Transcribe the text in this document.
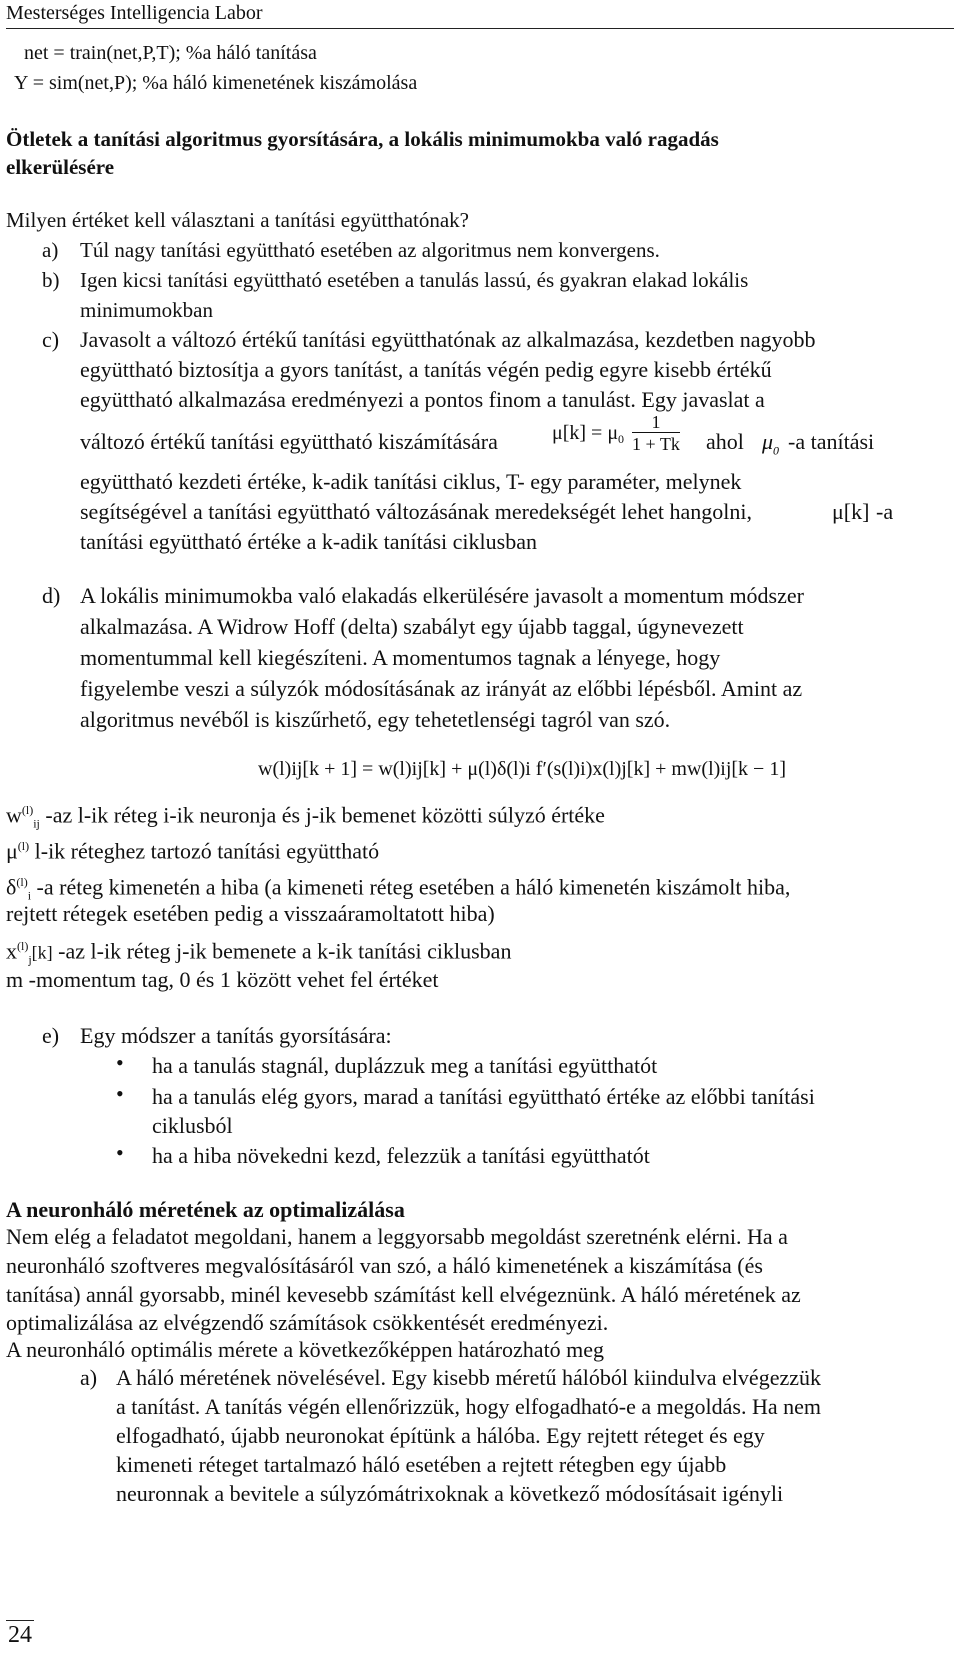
Mesterséges Intelligencia Labor
net = train(net,P,T); %a háló tanítása
Y = sim(net,P); %a háló kimenetének kiszámolása
Ötletek a tanítási algoritmus gyorsítására, a lokális minimumokba való ragadás
elkerülésére
Milyen értéket kell választani a tanítási együtthatónak?
a) Túl nagy tanítási együttható esetében az algoritmus nem konvergens.
b) Igen kicsi tanítási együttható esetében a tanulás lassú, és gyakran elakad lokális
minimumokban
c) Javasolt a változó értékű tanítási együtthatónak az alkalmazása, kezdetben nagyobb
együttható biztosítja a gyors tanítást, a tanítás végén pedig egyre kisebb értékű
együttható alkalmazása eredményezi a pontos finom a tanulást. Egy javaslat a
változó értékű tanítási együttható kiszámítására	$\mu[k] = \mu_0 \frac{1}{1 + Tk}$ ahol $\mu_0$ -a tanítási
együttható kezdeti értéke, k-adik tanítási ciklus, T- egy paraméter, melynek
segítségével a tanítási együttható változásának meredekségét lehet hangolni,	μ[k] -a
tanítási együttható értéke a k-adik tanítási ciklusban
d) A lokális minimumokba való elakadás elkerülésére javasolt a momentum módszer
alkalmazása. A Widrow Hoff (delta) szabályt egy újabb taggal, úgynevezett
momentummal kell kiegészíteni. A momentumos tagnak a lényege, hogy
figyelembe veszi a súlyzók módosításának az irányát az előbbi lépésből. Amint az
algoritmus nevéből is kiszűrhető, egy tehetetlenségi tagról van szó.
w(l)ij[k + 1] = w(l)ij[k] + μ(l)δ(l)i f′(s(l)i)x(l)j[k] + mw(l)ij[k − 1]
$w^{(l)}_{ij}$ -az l-ik réteg i-ik neuronja és j-ik bemenet közötti súlyzó értéke
$\mu^{(l)}$ l-ik réteghez tartozó tanítási együttható
$\delta^{(l)}_i$ -a réteg kimenetén a hiba (a kimeneti réteg esetében a háló kimenetén kiszámolt hiba,
rejtett rétegek esetében pedig a visszaáramoltatott hiba)
$x^{(l)}_j[k]$ -az l-ik réteg j-ik bemenete a k-ik tanítási ciklusban
m -momentum tag, 0 és 1 között vehet fel értéket
e) Egy módszer a tanítás gyorsítására:
• ha a tanulás stagnál, duplázzuk meg a tanítási együtthatót
• ha a tanulás elég gyors, marad a tanítási együttható értéke az előbbi tanítási
ciklusból
• ha a hiba növekedni kezd, felezzük a tanítási együtthatót
A neuronháló méretének az optimalizálása
Nem elég a feladatot megoldani, hanem a leggyorsabb megoldást szeretnénk elérni. Ha a
neuronháló szoftveres megvalósításáról van szó, a háló kimenetének a kiszámítása (és
tanítása) annál gyorsabb, minél kevesebb számítást kell elvégeznünk. A háló méretének az
optimalizálása az elvégzendő számítások csökkentését eredményezi.
A neuronháló optimális mérete a következőképpen határozható meg
a) A háló méretének növelésével. Egy kisebb méretű hálóból kiindulva elvégezzük
a tanítást. A tanítás végén ellenőrizzük, hogy elfogadható-e a megoldás. Ha nem
elfogadható, újabb neuronokat építünk a hálóba. Egy rejtett réteget és egy
kimeneti réteget tartalmazó háló esetében a rejtett rétegben egy újabb
neuronnak a bevitele a súlyzómátrixoknak a következő módosításait igényli
24
